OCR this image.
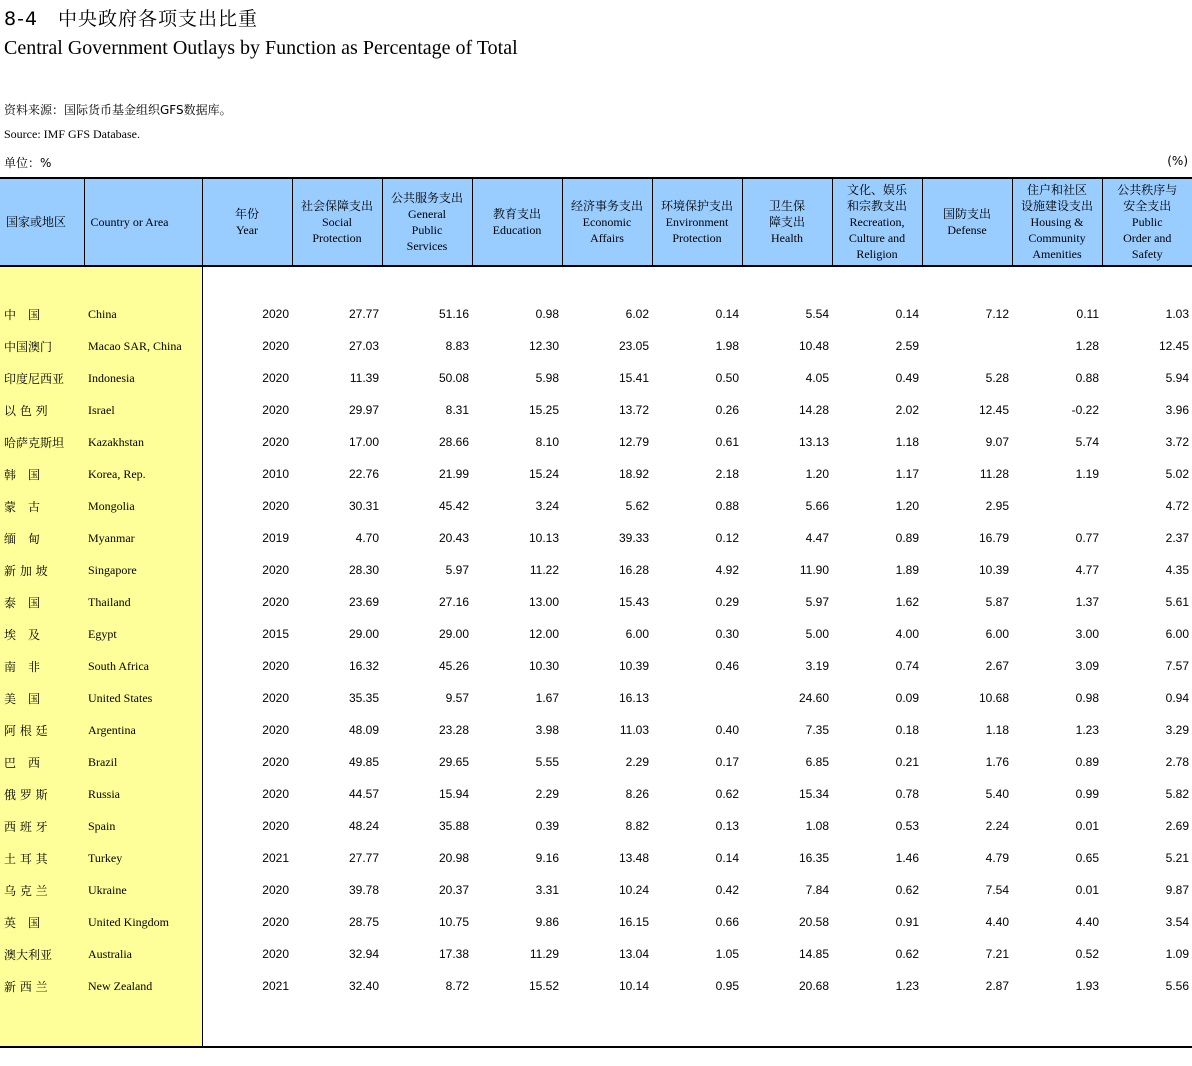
8-4　中央政府各项支出比重
Central Government Outlays by Function as Percentage of Total
资料来源：国际货币基金组织GFS数据库。
Source: IMF GFS Database.
单位：%	(%)
国家或地区	Country or Area	年份
Year	社会保障支出
Social
Protection	公共服务支出
General
Public
Services	教育支出
Education	经济事务支出
Economic
Affairs	环境保护支出
Environment
Protection	卫生保
障支出
Health	文化、娱乐
和宗教支出
Recreation,
Culture and
Religion	国防支出
Defense	住户和社区
设施建设支出
Housing &
Community
Amenities	公共秩序与
安全支出
Public
Order and
Safety

中　国	China	2020	27.77	51.16	0.98	6.02	0.14	5.54	0.14	7.12	0.11	1.03
中国澳门	Macao SAR, China	2020	27.03	8.83	12.30	23.05	1.98	10.48	2.59		1.28	12.45
印度尼西亚	Indonesia	2020	11.39	50.08	5.98	15.41	0.50	4.05	0.49	5.28	0.88	5.94
以 色 列	Israel	2020	29.97	8.31	15.25	13.72	0.26	14.28	2.02	12.45	-0.22	3.96
哈萨克斯坦	Kazakhstan	2020	17.00	28.66	8.10	12.79	0.61	13.13	1.18	9.07	5.74	3.72
韩　国	Korea, Rep.	2010	22.76	21.99	15.24	18.92	2.18	1.20	1.17	11.28	1.19	5.02
蒙　古	Mongolia	2020	30.31	45.42	3.24	5.62	0.88	5.66	1.20	2.95		4.72
缅　甸	Myanmar	2019	4.70	20.43	10.13	39.33	0.12	4.47	0.89	16.79	0.77	2.37
新 加 坡	Singapore	2020	28.30	5.97	11.22	16.28	4.92	11.90	1.89	10.39	4.77	4.35
泰　国	Thailand	2020	23.69	27.16	13.00	15.43	0.29	5.97	1.62	5.87	1.37	5.61
埃　及	Egypt	2015	29.00	29.00	12.00	6.00	0.30	5.00	4.00	6.00	3.00	6.00
南　非	South Africa	2020	16.32	45.26	10.30	10.39	0.46	3.19	0.74	2.67	3.09	7.57
美　国	United States	2020	35.35	9.57	1.67	16.13		24.60	0.09	10.68	0.98	0.94
阿 根 廷	Argentina	2020	48.09	23.28	3.98	11.03	0.40	7.35	0.18	1.18	1.23	3.29
巴　西	Brazil	2020	49.85	29.65	5.55	2.29	0.17	6.85	0.21	1.76	0.89	2.78
俄 罗 斯	Russia	2020	44.57	15.94	2.29	8.26	0.62	15.34	0.78	5.40	0.99	5.82
西 班 牙	Spain	2020	48.24	35.88	0.39	8.82	0.13	1.08	0.53	2.24	0.01	2.69
土 耳 其	Turkey	2021	27.77	20.98	9.16	13.48	0.14	16.35	1.46	4.79	0.65	5.21
乌 克 兰	Ukraine	2020	39.78	20.37	3.31	10.24	0.42	7.84	0.62	7.54	0.01	9.87
英　国	United Kingdom	2020	28.75	10.75	9.86	16.15	0.66	20.58	0.91	4.40	4.40	3.54
澳大利亚	Australia	2020	32.94	17.38	11.29	13.04	1.05	14.85	0.62	7.21	0.52	1.09
新 西 兰	New Zealand	2021	32.40	8.72	15.52	10.14	0.95	20.68	1.23	2.87	1.93	5.56
